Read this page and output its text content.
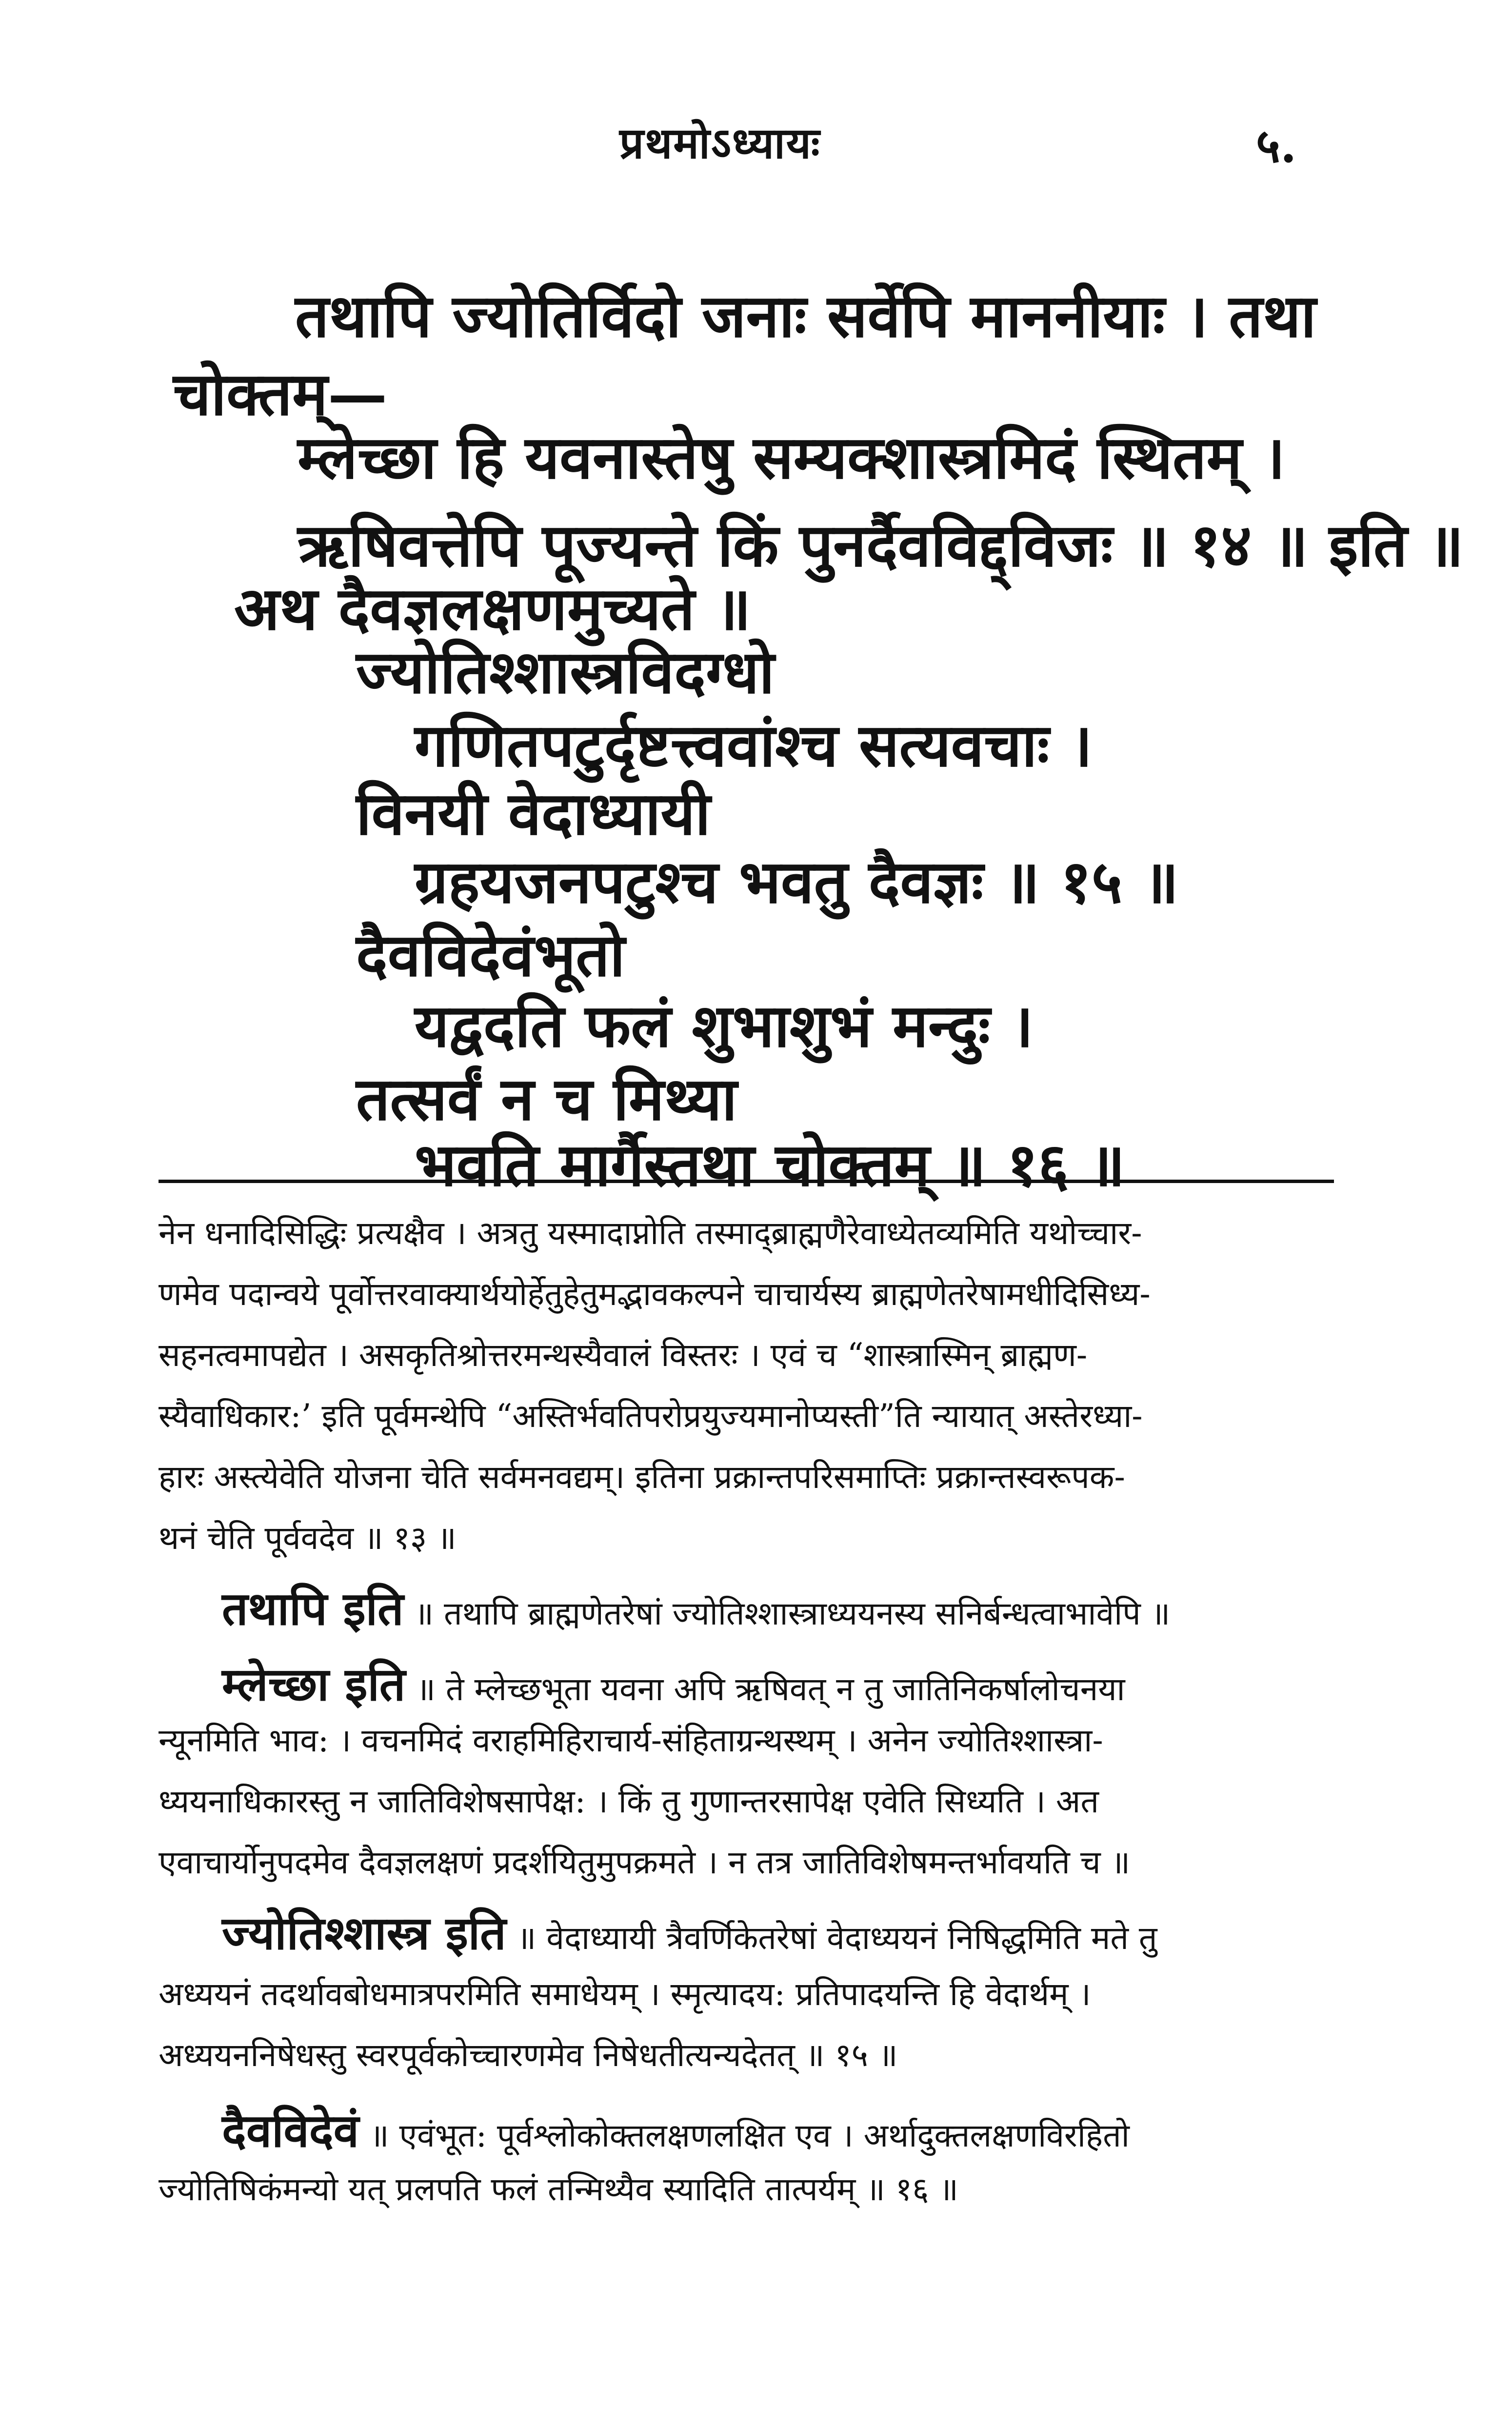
प्रथमोऽध्यायः	५.
तथापि ज्योतिर्विदो जनाः सर्वेपि माननीयाः । तथा
चोक्तम्—
म्लेच्छा हि यवनास्तेषु सम्यक्शास्त्रमिदं स्थितम् ।
ऋषिवत्तेपि पूज्यन्ते किं पुनर्दैवविद्द्विजः ॥ १४ ॥ इति ॥
अथ दैवज्ञलक्षणमुच्यते ॥
ज्योतिश्शास्त्रविदग्धो
गणितपटुर्दृष्टत्त्ववांश्च सत्यवचाः ।
विनयी वेदाध्यायी
ग्रहयजनपटुश्च भवतु दैवज्ञः ॥ १५ ॥
दैवविदेवंभूतो
यद्वदति फलं शुभाशुभं मन्दुः ।
तत्सर्वं न च मिथ्या
भवति मार्गैस्तथा चोक्तम् ॥ १६ ॥
नेन धनादिसिद्धिः प्रत्यक्षैव । अत्रतु यस्मादाप्नोति तस्माद्ब्राह्मणैरेवाध्येतव्यमिति यथोच्चार-
णमेव पदान्वये पूर्वोत्तरवाक्यार्थयोर्हेतुहेतुमद्भावकल्पने चाचार्यस्य ब्राह्मणेतरेषामधीदिसिध्य-
सहनत्वमापद्येत । असकृतिश्रोत्तरमन्थस्यैवालं विस्तरः । एवं च “शास्त्रास्मिन् ब्राह्मण-
स्यैवाधिकार:’ इति पूर्वमन्थेपि “अस्तिर्भवतिपरोप्रयुज्यमानोप्यस्ती”ति न्यायात् अस्तेरध्या-
हारः अस्त्येवेति योजना चेति सर्वमनवद्यम्। इतिना प्रक्रान्तपरिसमाप्तिः प्रक्रान्तस्वरूपक-
थनं चेति पूर्ववदेव ॥ १३ ॥
तथापि इति ॥ तथापि ब्राह्मणेतरेषां ज्योतिश्शास्त्राध्ययनस्य सनिर्बन्धत्वाभावेपि ॥
म्लेच्छा इति ॥ ते म्लेच्छभूता यवना अपि ऋषिवत् न तु जातिनिकर्षालोचनया
न्यूनमिति भाव: । वचनमिदं वराहमिहिराचार्य-संहिताग्रन्थस्थम् । अनेन ज्योतिश्शास्त्रा-
ध्ययनाधिकारस्तु न जातिविशेषसापेक्ष: । किं तु गुणान्तरसापेक्ष एवेति सिध्यति । अत
एवाचार्योनुपदमेव दैवज्ञलक्षणं प्रदर्शयितुमुपक्रमते । न तत्र जातिविशेषमन्तर्भावयति च ॥
ज्योतिश्शास्त्र इति ॥ वेदाध्यायी त्रैवर्णिकेतरेषां वेदाध्ययनं निषिद्धमिति मते तु
अध्ययनं तदर्थावबोधमात्रपरमिति समाधेयम् । स्मृत्यादय: प्रतिपादयन्ति हि वेदार्थम् ।
अध्ययननिषेधस्तु स्वरपूर्वकोच्चारणमेव निषेधतीत्यन्यदेतत् ॥ १५ ॥
दैवविदेवं ॥ एवंभूत: पूर्वश्लोकोक्तलक्षणलक्षित एव । अर्थादुक्तलक्षणविरहितो
ज्योतिषिकंमन्यो यत् प्रलपति फलं तन्मिथ्यैव स्यादिति तात्पर्यम् ॥ १६ ॥
